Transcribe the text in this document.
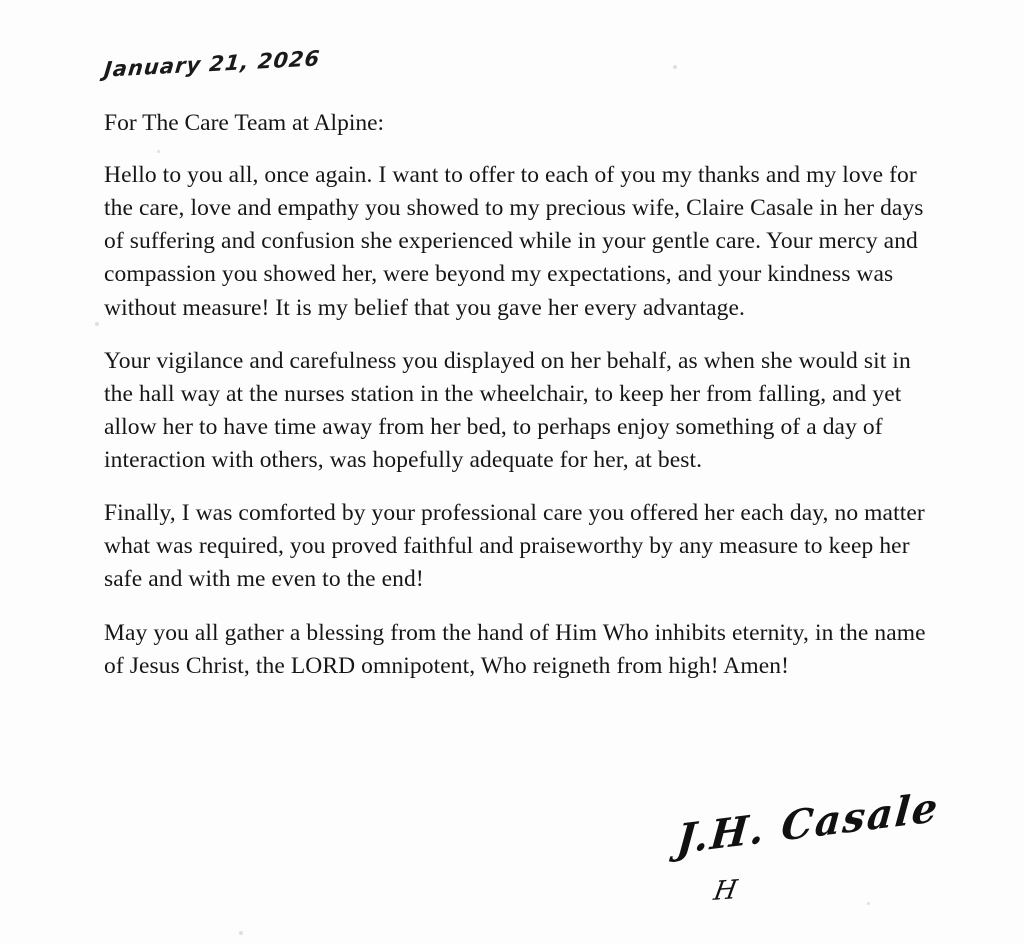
January 21, 2026
For The Care Team at Alpine:

Hello to you all, once again. I want to offer to each of you my thanks and my love for the care, love and empathy you showed to my precious wife, Claire Casale in her days of suffering and confusion she experienced while in your gentle care. Your mercy and compassion you showed her, were beyond my expectations, and your kindness was without measure! It is my belief that you gave her every advantage.

Your vigilance and carefulness you displayed on her behalf, as when she would sit in the hall way at the nurses station in the wheelchair, to keep her from falling, and yet allow her to have time away from her bed, to perhaps enjoy something of a day of interaction with others, was hopefully adequate for her, at best.

Finally, I was comforted by your professional care you offered her each day, no matter what was required, you proved faithful and praiseworthy by any measure to keep her safe and with me even to the end!

May you all gather a blessing from the hand of Him Who inhibits eternity, in the name of Jesus Christ, the LORD omnipotent, Who reigneth from high! Amen!

J.H. Casale
H
